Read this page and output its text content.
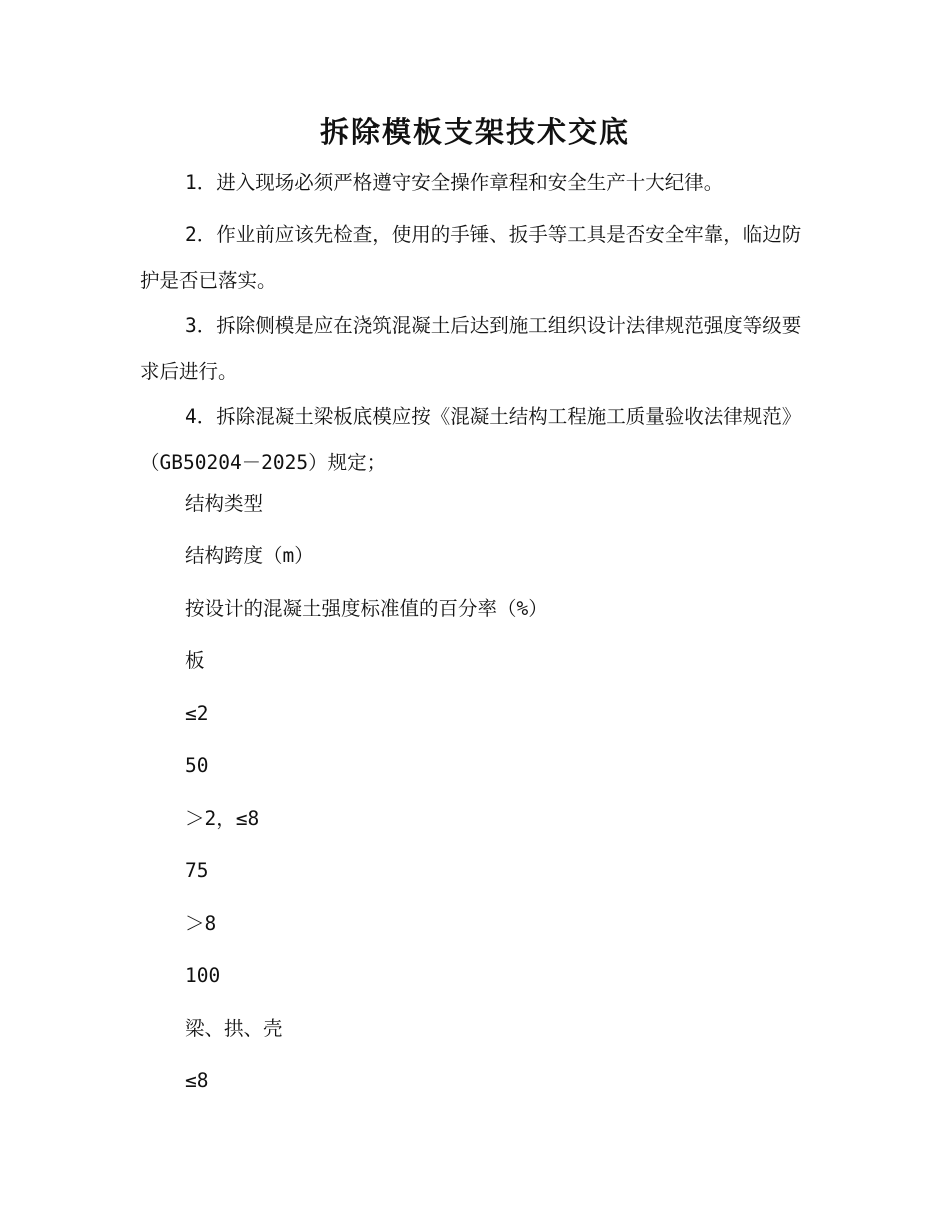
拆除模板支架技术交底
1．进入现场必须严格遵守安全操作章程和安全生产十大纪律。
2．作业前应该先检查，使用的手锤、扳手等工具是否安全牢靠，临边防护是否已落实。
3．拆除侧模是应在浇筑混凝土后达到施工组织设计法律规范强度等级要求后进行。
4．拆除混凝土梁板底模应按《混凝土结构工程施工质量验收法律规范》（GB50204－2025）规定；
结构类型
结构跨度（m）
按设计的混凝土强度标准值的百分率（%）
板
≤2
50
＞2，≤8
75
＞8
100
梁、拱、壳
≤8
